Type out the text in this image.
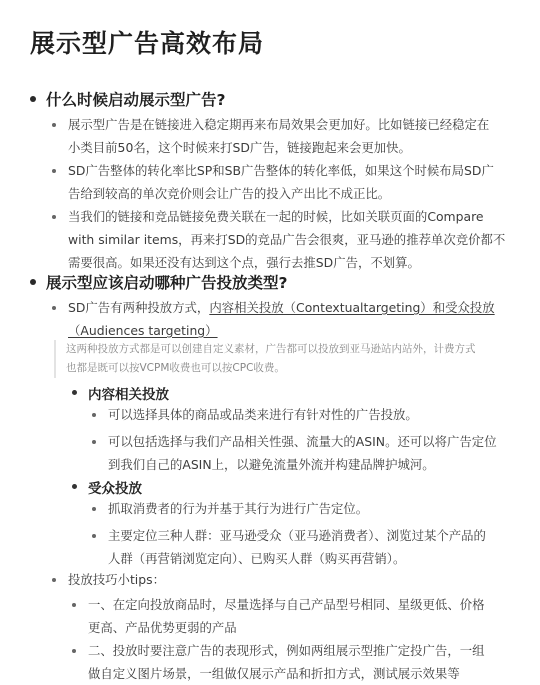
展示型广告高效布局
什么时候启动展示型广告?
展示型广告是在链接进入稳定期再来布局效果会更加好。比如链接已经稳定在
小类目前50名，这个时候来打SD广告，链接跑起来会更加快。
SD广告整体的转化率比SP和SB广告整体的转化率低，如果这个时候布局SD广
告给到较高的单次竞价则会让广告的投入产出比不成正比。
当我们的链接和竞品链接免费关联在一起的时候，比如关联页面的Compare
with similar items，再来打SD的竞品广告会很爽，亚马逊的推荐单次竞价都不
需要很高。如果还没有达到这个点，强行去推SD广告，不划算。
展示型应该启动哪种广告投放类型?
SD广告有两种投放方式，内容相关投放（Contextualtargeting）和受众投放
（Audiences targeting）
这两种投放方式都是可以创建自定义素材，广告都可以投放到亚马逊站内站外，计费方式
也都是既可以按VCPM收费也可以按CPC收费。
内容相关投放
可以选择具体的商品或品类来进行有针对性的广告投放。
可以包括选择与我们产品相关性强、流量大的ASIN。还可以将广告定位
到我们自己的ASIN上，以避免流量外流并构建品牌护城河。
受众投放
抓取消费者的行为并基于其行为进行广告定位。
主要定位三种人群：亚马逊受众（亚马逊消费者）、浏览过某个产品的
人群（再营销浏览定向）、已购买人群（购买再营销）。
投放技巧小tips：
一、在定向投放商品时，尽量选择与自己产品型号相同、星级更低、价格
更高、产品优势更弱的产品
二、投放时要注意广告的表现形式，例如两组展示型推广定投广告，一组
做自定义图片场景，一组做仅展示产品和折扣方式，测试展示效果等
